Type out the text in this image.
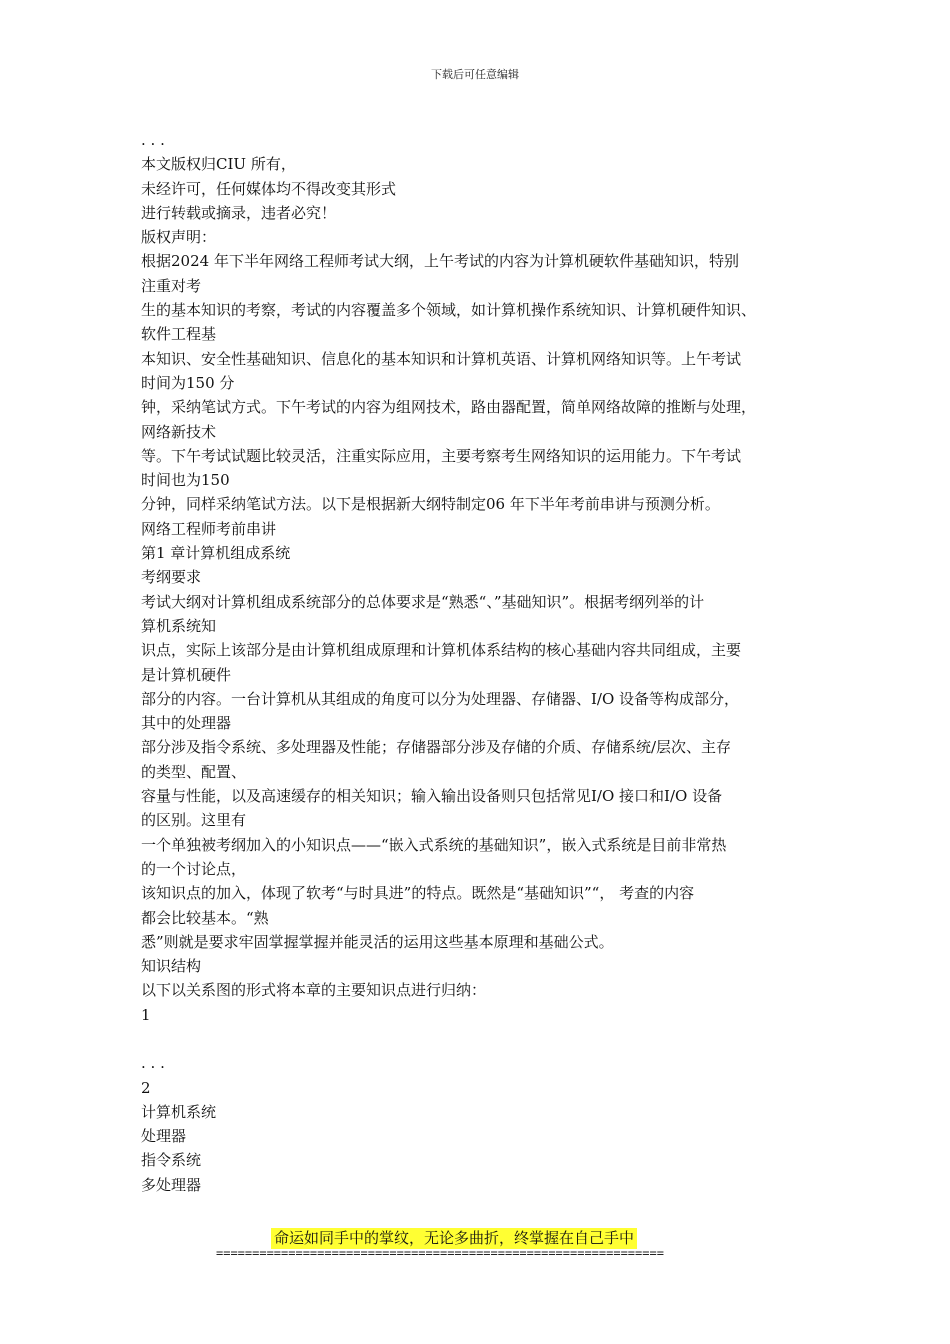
下载后可任意编辑
. . .
本文版权归CIU 所有，
未经许可，任何媒体均不得改变其形式
进行转载或摘录，违者必究！
版权声明：
根据2024 年下半年网络工程师考试大纲，上午考试的内容为计算机硬软件基础知识，特别
注重对考
生的基本知识的考察，考试的内容覆盖多个领域，如计算机操作系统知识、计算机硬件知识、
软件工程基
本知识、安全性基础知识、信息化的基本知识和计算机英语、计算机网络知识等。上午考试
时间为150 分
钟，采纳笔试方式。下午考试的内容为组网技术，路由器配置，简单网络故障的推断与处理，
网络新技术
等。下午考试试题比较灵活，注重实际应用，主要考察考生网络知识的运用能力。下午考试
时间也为150
分钟，同样采纳笔试方法。以下是根据新大纲特制定06 年下半年考前串讲与预测分析。
网络工程师考前串讲
第1 章计算机组成系统
考纲要求
考试大纲对计算机组成系统部分的总体要求是“熟悉“、”基础知识”。根据考纲列举的计
算机系统知
识点，实际上该部分是由计算机组成原理和计算机体系结构的核心基础内容共同组成，主要
是计算机硬件
部分的内容。一台计算机从其组成的角度可以分为处理器、存储器、I/O 设备等构成部分，
其中的处理器
部分涉及指令系统、多处理器及性能；存储器部分涉及存储的介质、存储系统/层次、主存
的类型、配置、
容量与性能，以及高速缓存的相关知识；输入输出设备则只包括常见I/O 接口和I/O 设备
的区别。这里有
一个单独被考纲加入的小知识点——“嵌入式系统的基础知识”，嵌入式系统是目前非常热
的一个讨论点，
该知识点的加入，体现了软考“与时具进”的特点。既然是“基础知识”“， 考查的内容
都会比较基本。“熟
悉”则就是要求牢固掌握掌握并能灵活的运用这些基本原理和基础公式。
知识结构
以下以关系图的形式将本章的主要知识点进行归纳：
1
. . .
2
计算机系统
处理器
指令系统
多处理器
命运如同手中的掌纹，无论多曲折，终掌握在自己手中
==============================================================
